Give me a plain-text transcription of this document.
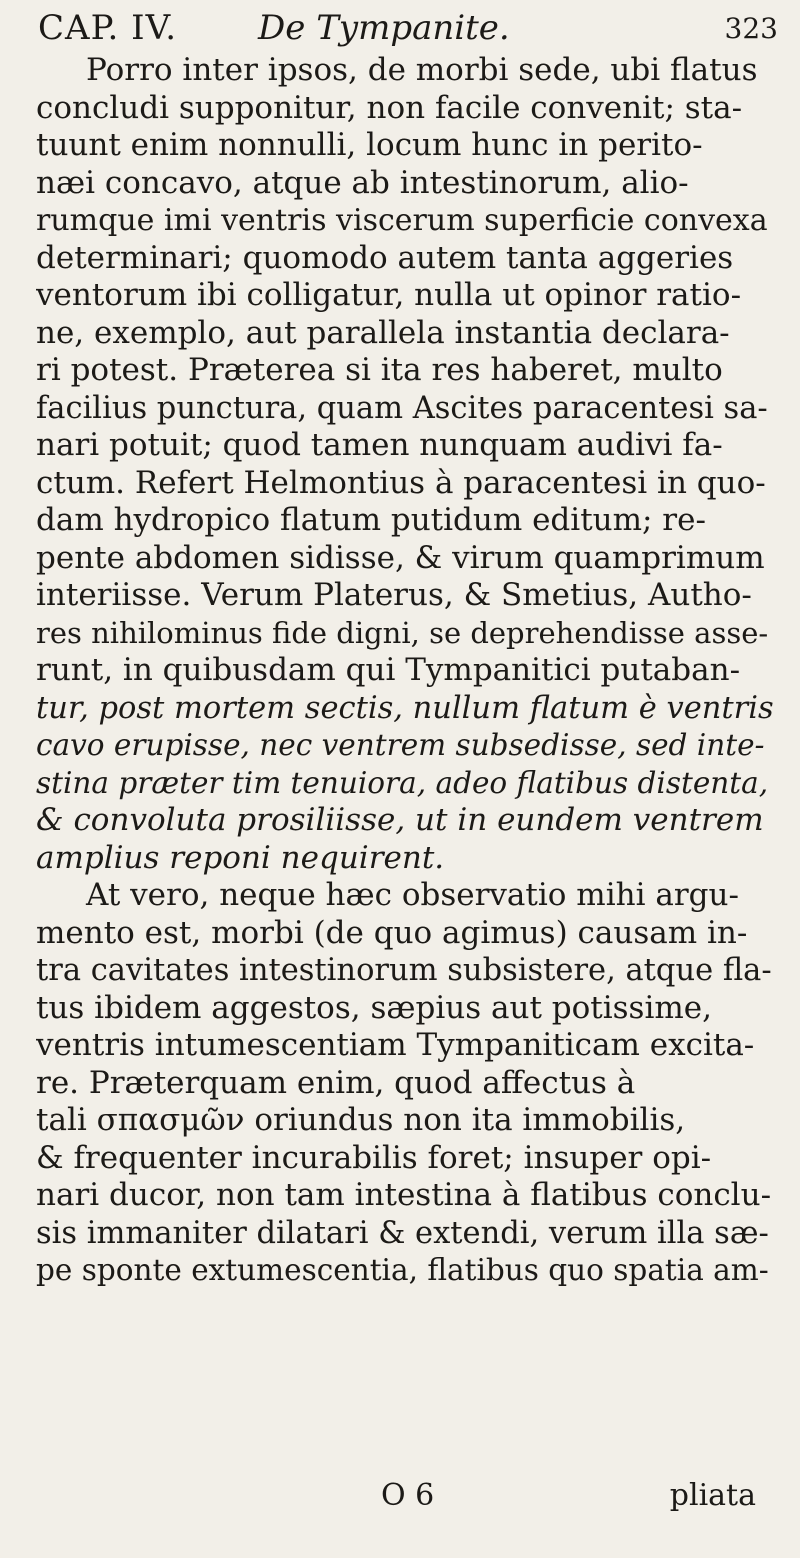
CAP. IV. De Tympanite.	323
Porro inter ipsos, de morbi sede, ubi flatus
concludi supponitur, non facile convenit; sta-
tuunt enim nonnulli, locum hunc in perito-
næi concavo, atque ab intestinorum, alio-
rumque imi ventris viscerum superficie convexa
determinari; quomodo autem tanta aggeries
ventorum ibi colligatur, nulla ut opinor ratio-
ne, exemplo, aut parallela instantia declara-
ri potest. Præterea si ita res haberet, multo
facilius punctura, quam Ascites paracentesi sa-
nari potuit; quod tamen nunquam audivi fa-
ctum. Refert Helmontius à paracentesi in quo-
dam hydropico flatum putidum editum; re-
pente abdomen sidisse, & virum quamprimum
interiisse. Verum Platerus, & Smetius, Autho-
res nihilominus fide digni, se deprehendisse asse-
runt, in quibusdam qui Tympanitici putaban-
tur, post mortem sectis, nullum flatum è ventris
cavo erupisse, nec ventrem subsedisse, sed inte-
stina præter tim tenuiora, adeo flatibus distenta,
& convoluta prosiliisse, ut in eundem ventrem
amplius reponi nequirent.
At vero, neque hæc observatio mihi argu-
mento est, morbi (de quo agimus) causam in-
tra cavitates intestinorum subsistere, atque fla-
tus ibidem aggestos, sæpius aut potissime,
ventris intumescentiam Tympaniticam excita-
re. Præterquam enim, quod affectus à
tali σπασμῶν oriundus non ita immobilis,
& frequenter incurabilis foret; insuper opi-
nari ducor, non tam intestina à flatibus conclu-
sis immaniter dilatari & extendi, verum illa sæ-
pe sponte extumescentia, flatibus quo spatia am-
O 6	pliata
